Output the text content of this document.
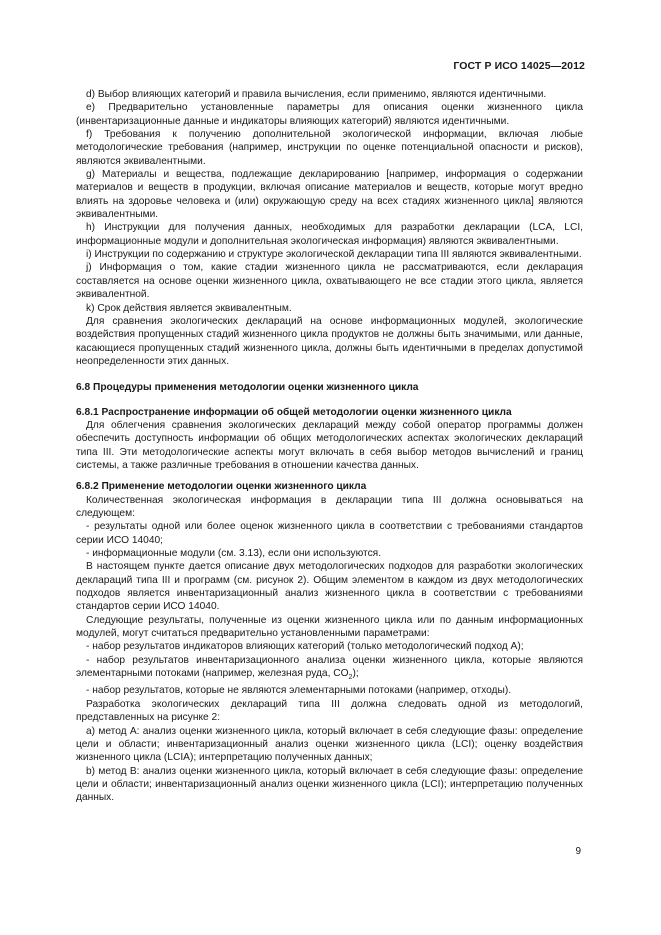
ГОСТ Р ИСО 14025—2012

d) Выбор влияющих категорий и правила вычисления, если применимо, являются идентичными.

e) Предварительно установленные параметры для описания оценки жизненного цикла (инвентаризационные данные и индикаторы влияющих категорий) являются идентичными.

f) Требования к получению дополнительной экологической информации, включая любые методологические требования (например, инструкции по оценке потенциальной опасности и рисков), являются эквивалентными.

g) Материалы и вещества, подлежащие декларированию [например, информация о содержании материалов и веществ в продукции, включая описание материалов и веществ, которые могут вредно влиять на здоровье человека и (или) окружающую среду на всех стадиях жизненного цикла] являются эквивалентными.

h) Инструкции для получения данных, необходимых для разработки декларации (LCA, LCI, информационные модули и дополнительная экологическая информация) являются эквивалентными.

i) Инструкции по содержанию и структуре экологической декларации типа III являются эквивалентными.

j) Информация о том, какие стадии жизненного цикла не рассматриваются, если декларация составляется на основе оценки жизненного цикла, охватывающего не все стадии этого цикла, является эквивалентной.

k) Срок действия является эквивалентным.

Для сравнения экологических деклараций на основе информационных модулей, экологические воздействия пропущенных стадий жизненного цикла продуктов не должны быть значимыми, или данные, касающиеся пропущенных стадий жизненного цикла, должны быть идентичными в пределах допустимой неопределенности этих данных.

6.8 Процедуры применения методологии оценки жизненного цикла
6.8.1 Распространение информации об общей методологии оценки жизненного цикла

Для облегчения сравнения экологических деклараций между собой оператор программы должен обеспечить доступность информации об общих методологических аспектах экологических деклараций типа III. Эти методологические аспекты могут включать в себя выбор методов вычислений и границ системы, а также различные требования в отношении качества данных.

6.8.2 Применение методологии оценки жизненного цикла

Количественная экологическая информация в декларации типа III должна основываться на следующем:

- результаты одной или более оценок жизненного цикла в соответствии с требованиями стандартов серии ИСО 14040;

- информационные модули (см. 3.13), если они используются.

В настоящем пункте дается описание двух методологических подходов для разработки экологических деклараций типа III и программ (см. рисунок 2). Общим элементом в каждом из двух методологических подходов является инвентаризационный анализ жизненного цикла в соответствии с требованиями стандартов серии ИСО 14040.

Следующие результаты, полученные из оценки жизненного цикла или по данным информационных модулей, могут считаться предварительно установленными параметрами:

- набор результатов индикаторов влияющих категорий (только методологический подход А);

- набор результатов инвентаризационного анализа оценки жизненного цикла, которые являются элементарными потоками (например, железная руда, $CO_2$);

- набор результатов, которые не являются элементарными потоками (например, отходы).

Разработка экологических деклараций типа III должна следовать одной из методологий, представленных на рисунке 2:

a) метод А: анализ оценки жизненного цикла, который включает в себя следующие фазы: определение цели и области; инвентаризационный анализ оценки жизненного цикла (LCI); оценку воздействия жизненного цикла (LCIA); интерпретацию полученных данных;

b) метод В: анализ оценки жизненного цикла, который включает в себя следующие фазы: определение цели и области; инвентаризационный анализ оценки жизненного цикла (LCI); интерпретацию полученных данных.

9
